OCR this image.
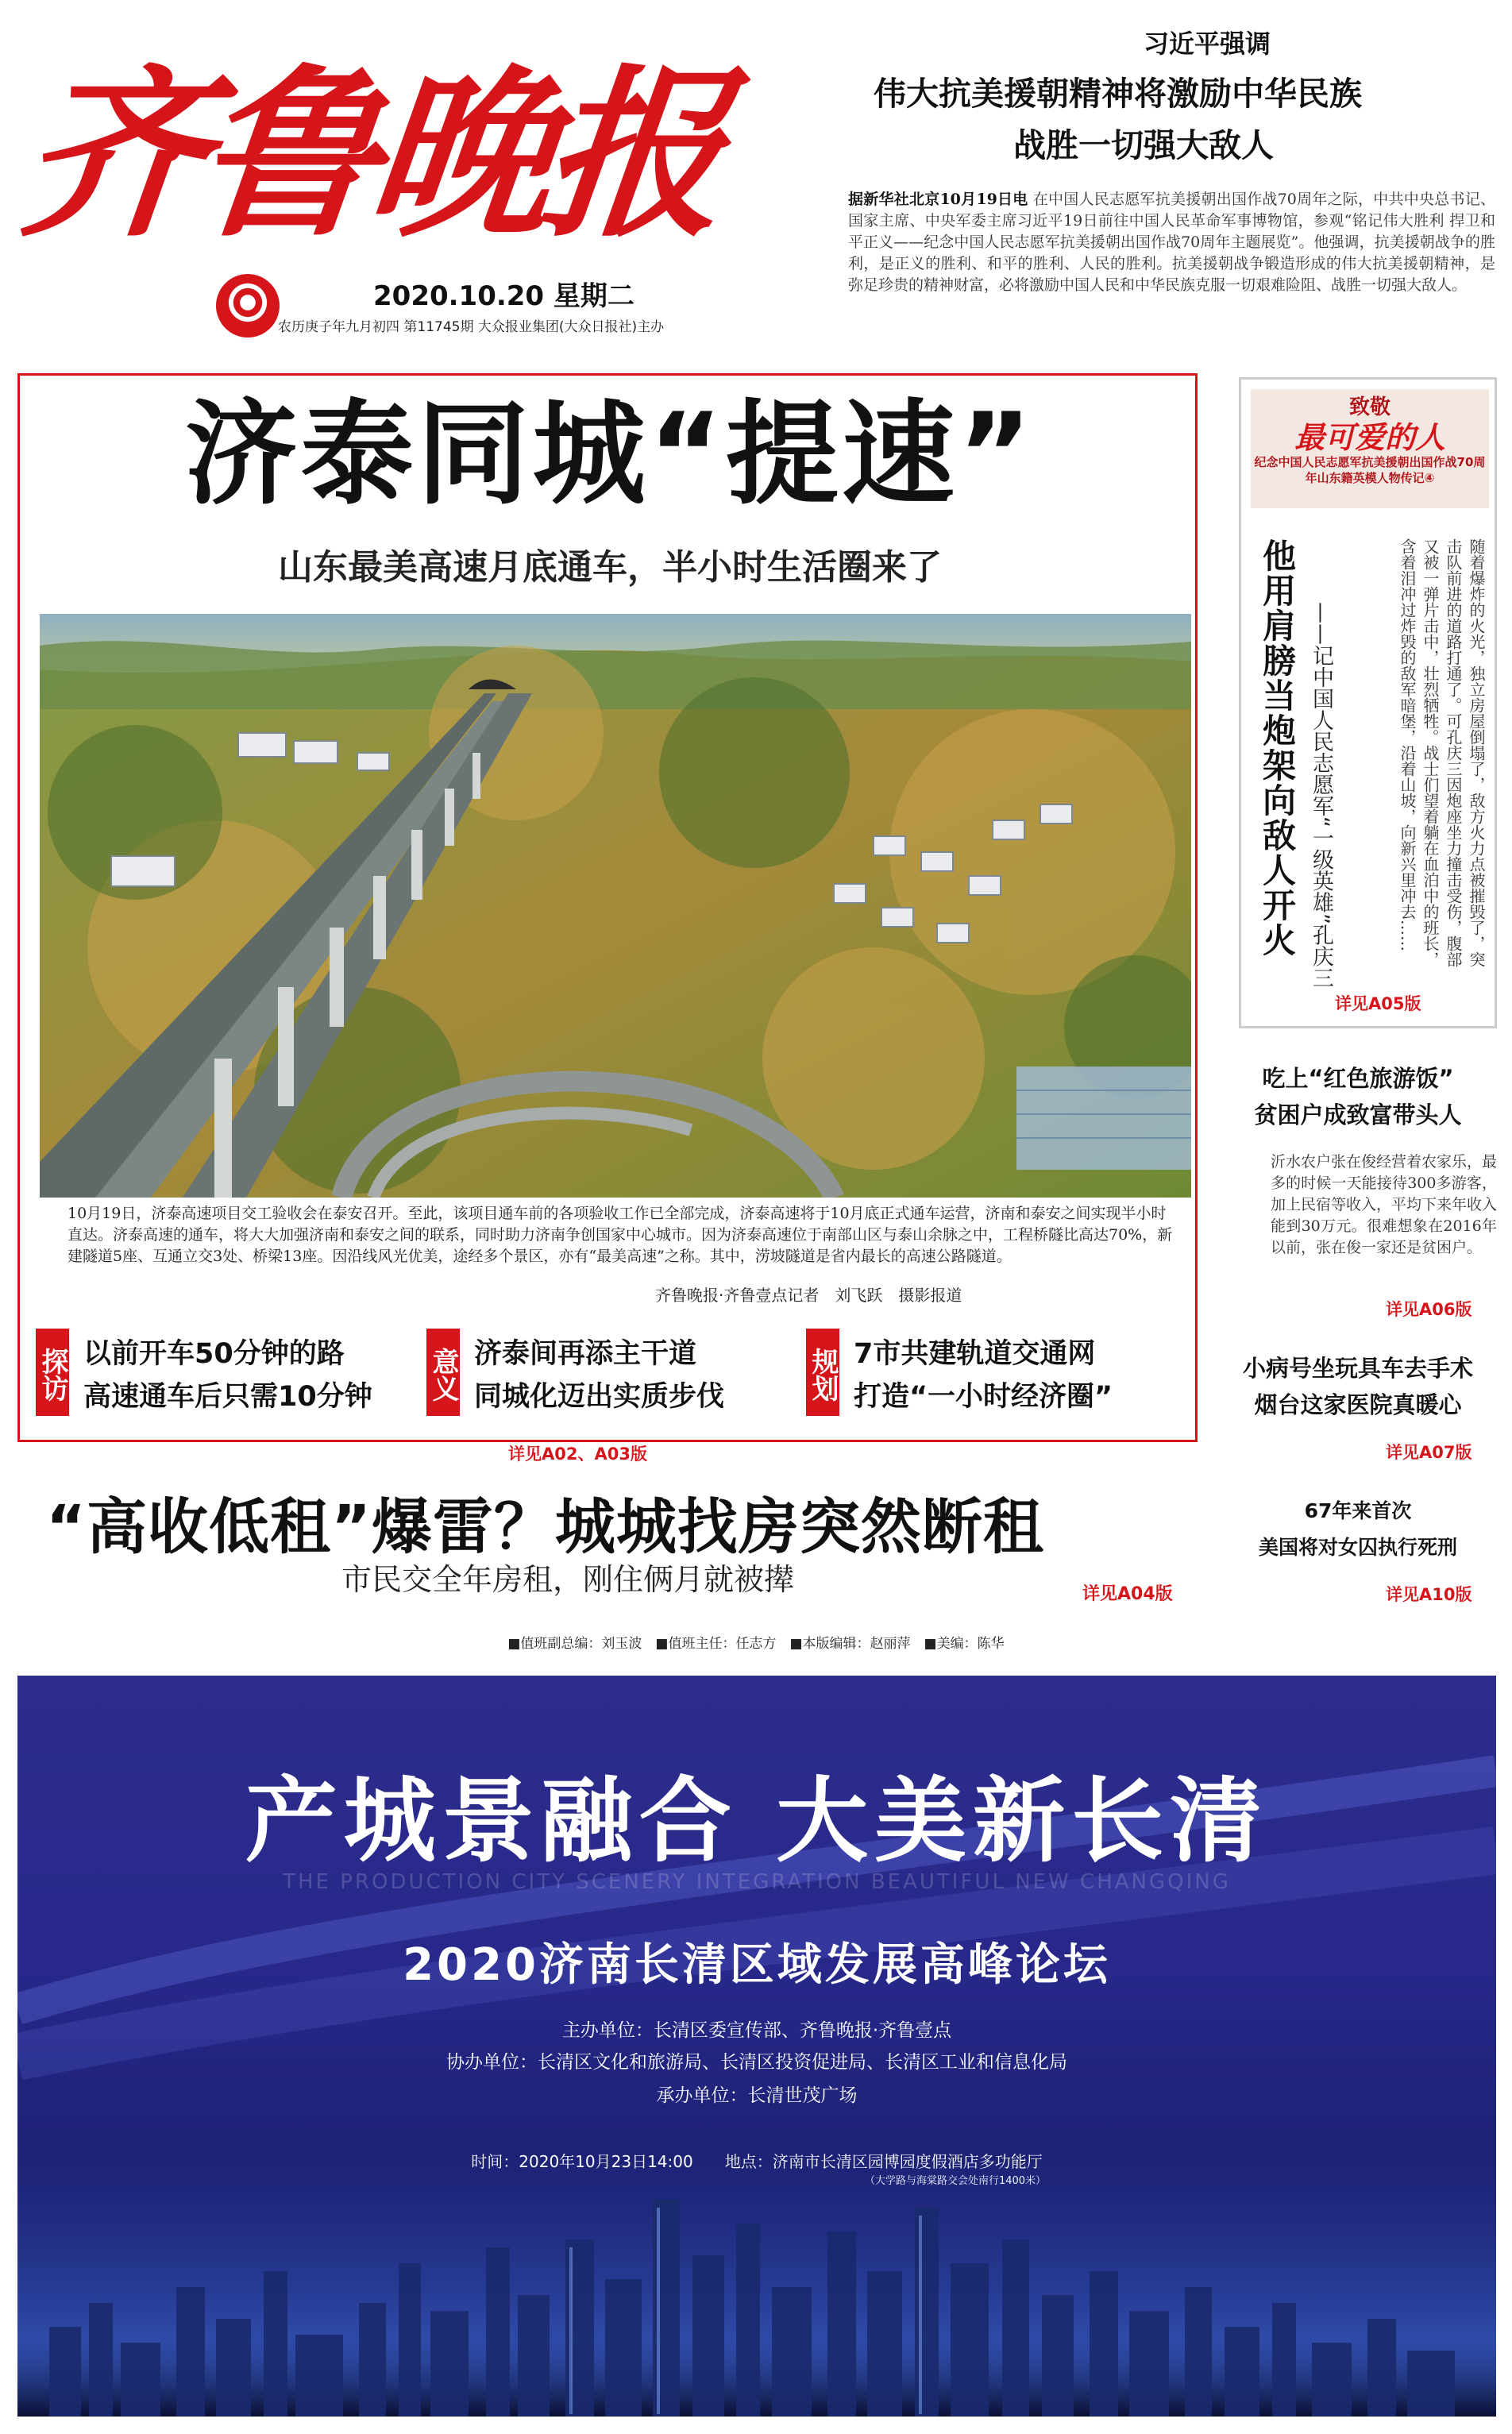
齐鲁晚报
2020.10.20 星期二
农历庚子年九月初四 第11745期 大众报业集团(大众日报社)主办
习近平强调
伟大抗美援朝精神将激励中华民族
战胜一切强大敌人
据新华社北京10月19日电 在中国人民志愿军抗美援朝出国作战70周年之际，中共中央总书记、国家主席、中央军委主席习近平19日前往中国人民革命军事博物馆，参观“铭记伟大胜利 捍卫和平正义——纪念中国人民志愿军抗美援朝出国作战70周年主题展览”。他强调，抗美援朝战争的胜利，是正义的胜利、和平的胜利、人民的胜利。抗美援朝战争锻造形成的伟大抗美援朝精神，是弥足珍贵的精神财富，必将激励中国人民和中华民族克服一切艰难险阻、战胜一切强大敌人。
济泰同城“提速”
山东最美高速月底通车，半小时生活圈来了
10月19日，济泰高速项目交工验收会在泰安召开。至此，该项目通车前的各项验收工作已全部完成，济泰高速将于10月底正式通车运营，济南和泰安之间实现半小时直达。济泰高速的通车，将大大加强济南和泰安之间的联系，同时助力济南争创国家中心城市。因为济泰高速位于南部山区与泰山余脉之中，工程桥隧比高达70%，新建隧道5座、互通立交3处、桥梁13座。因沿线风光优美，途经多个景区，亦有“最美高速”之称。其中，涝坡隧道是省内最长的高速公路隧道。
齐鲁晚报·齐鲁壹点记者　刘飞跃　摄影报道
探访 以前开车50分钟的路
高速通车后只需10分钟 意义 济泰间再添主干道
同城化迈出实质步伐	规划 7市共建轨道交通网
打造“一小时经济圈”
详见A02、A03版
“高收低租”爆雷？城城找房突然断租
市民交全年房租，刚住俩月就被撵	详见A04版
■值班副总编：刘玉波　■值班主任：任志方　■本版编辑：赵丽萍　■美编：陈华
致敬
最可爱的人
纪念中国人民志愿军抗美援朝出国作战70周年山东籍英模人物传记④
他用肩膀当炮架向敌人开火 ——记中国人民志愿军“一级英雄”孔庆三	随着爆炸的火光，独立房屋倒塌了，敌方火力点被摧毁了，突击队前进的道路打通了。可孔庆三因炮座坐力撞击受伤，腹部又被一弹片击中，壮烈牺牲。战士们望着躺在血泊中的班长，含着泪冲过炸毁的敌军暗堡，沿着山坡，向新兴里冲去……
详见A05版
吃上“红色旅游饭”
贫困户成致富带头人
沂水农户张在俊经营着农家乐，最多的时候一天能接待300多游客，加上民宿等收入，平均下来年收入能到30万元。很难想象在2016年以前，张在俊一家还是贫困户。
详见A06版
小病号坐玩具车去手术
烟台这家医院真暖心
详见A07版
67年来首次
美国将对女囚执行死刑
详见A10版
产城景融合 大美新长清
THE PRODUCTION CITY SCENERY INTEGRATION BEAUTIFUL NEW CHANGQING
2020济南长清区域发展高峰论坛
主办单位：长清区委宣传部、齐鲁晚报·齐鲁壹点
协办单位：长清区文化和旅游局、长清区投资促进局、长清区工业和信息化局
承办单位：长清世茂广场
